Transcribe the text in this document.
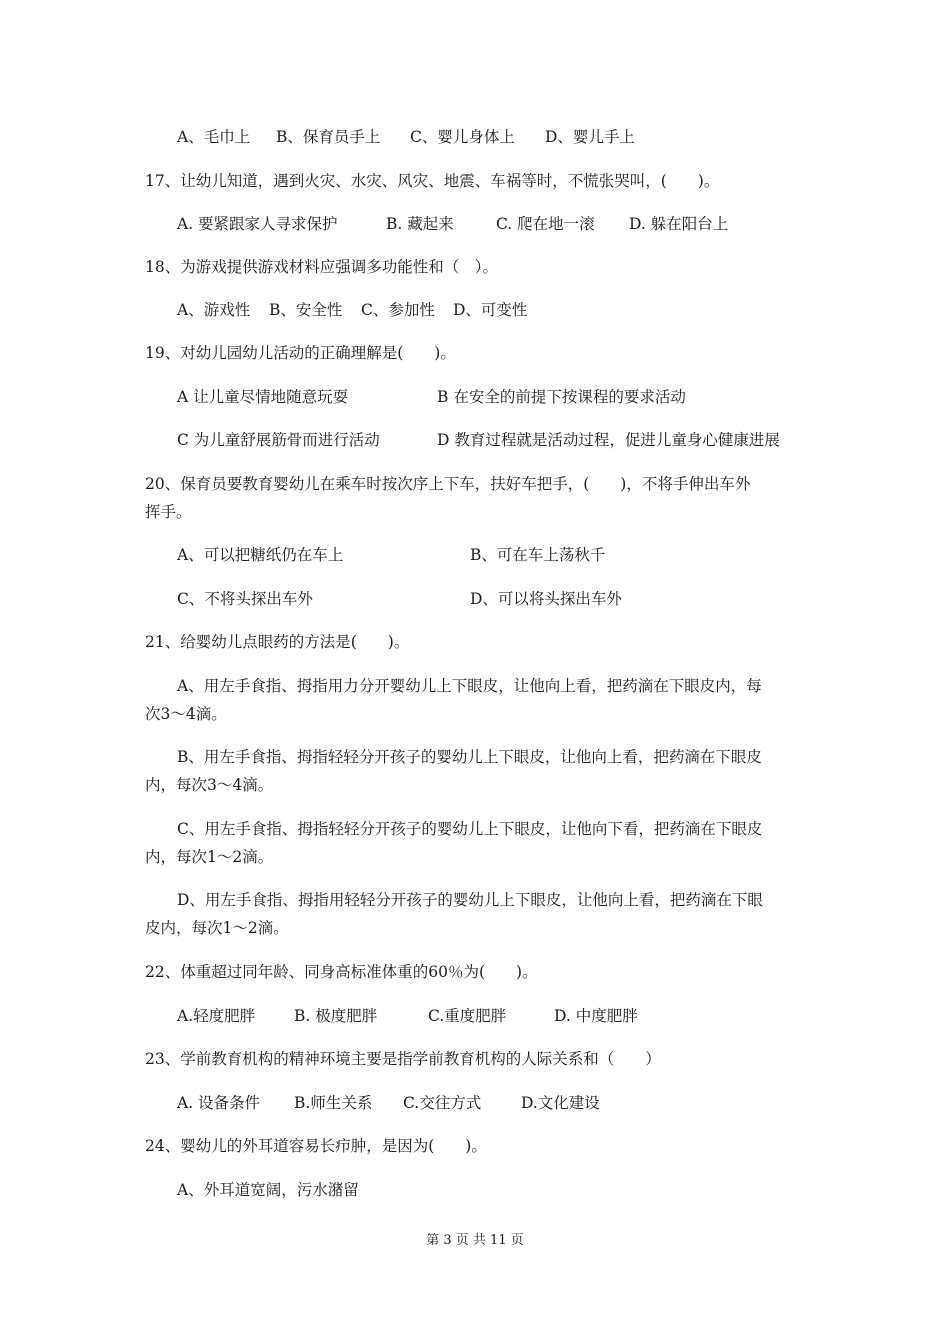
A、毛巾上 B、保育员手上 C、婴儿身体上 D、婴儿手上
17、让幼儿知道，遇到火灾、水灾、风灾、地震、车祸等时，不慌张哭叫，(　　)。
A. 要紧跟家人寻求保护	B. 藏起来	C. 爬在地一滚 D. 躲在阳台上
18、为游戏提供游戏材料应强调多功能性和（　）。
A、游戏性 B、安全性 C、参加性 D、可变性
19、对幼儿园幼儿活动的正确理解是(　　)。
A 让儿童尽情地随意玩耍	B 在安全的前提下按课程的要求活动
C 为儿童舒展筋骨而进行活动	D 教育过程就是活动过程，促进儿童身心健康进展
20、保育员要教育婴幼儿在乘车时按次序上下车，扶好车把手，(　　)，不将手伸出车外
挥手。
A、可以把糖纸仍在车上	B、可在车上荡秋千
C、不将头探出车外	D、可以将头探出车外
21、给婴幼儿点眼药的方法是(　　)。
A、用左手食指、拇指用力分开婴幼儿上下眼皮，让他向上看，把药滴在下眼皮内，每
次3～4滴。
B、用左手食指、拇指轻轻分开孩子的婴幼儿上下眼皮，让他向上看，把药滴在下眼皮
内，每次3～4滴。
C、用左手食指、拇指轻轻分开孩子的婴幼儿上下眼皮，让他向下看，把药滴在下眼皮
内，每次1～2滴。
D、用左手食指、拇指用轻轻分开孩子的婴幼儿上下眼皮，让他向上看，把药滴在下眼
皮内，每次1～2滴。
22、体重超过同年龄、同身高标准体重的60％为(　　)。
A.轻度肥胖	B. 极度肥胖	C.重度肥胖	D. 中度肥胖
23、学前教育机构的精神环境主要是指学前教育机构的人际关系和（　　）
A. 设备条件 B.师生关系 C.交往方式	D.文化建设
24、婴幼儿的外耳道容易长疖肿，是因为(　　)。
A、外耳道宽阔，污水潴留
第 3 页 共 11 页
